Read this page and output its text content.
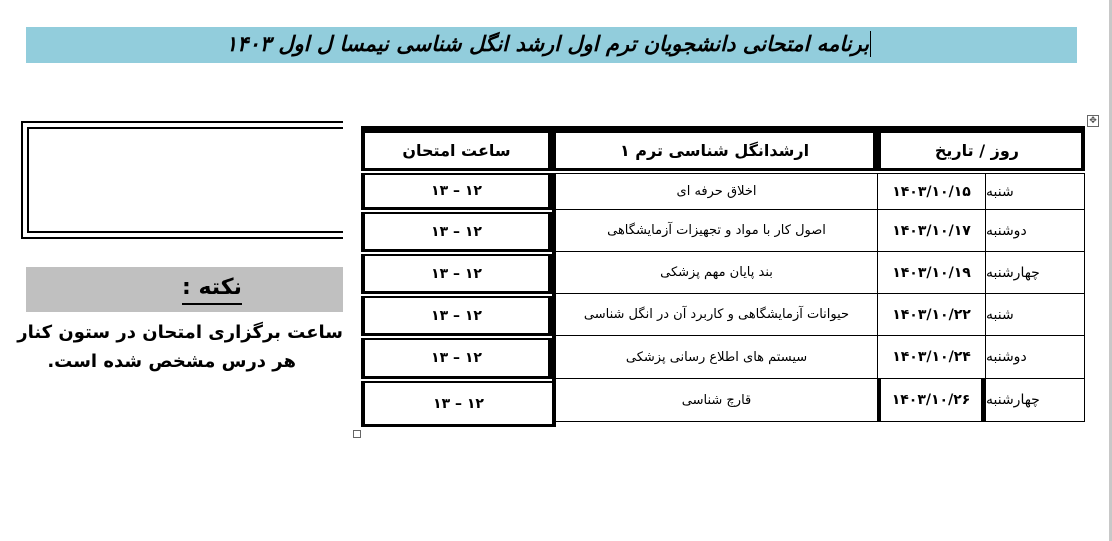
برنامه امتحانی دانشجویان ترم اول ارشد انگل شناسی نیمسا ل اول ۱۴۰۳
نکته :
ساعت برگزاری امتحان در ستون کنار
هر درس مشخص شده است.
✥
روز / تاریخ
ارشدانگل شناسی ترم ۱
ساعت امتحان
شنبه
۱۴۰۳/۱۰/۱۵
اخلاق حرفه ای
۱۳ – ۱۲
دوشنبه
۱۴۰۳/۱۰/۱۷
اصول کار با مواد و تجهیزات آزمایشگاهی
۱۳ – ۱۲
چهارشنبه
۱۴۰۳/۱۰/۱۹
بند پایان مهم پزشکی
۱۳ – ۱۲
شنبه
۱۴۰۳/۱۰/۲۲
حیوانات آزمایشگاهی و کاربرد آن در انگل شناسی
۱۳ – ۱۲
دوشنبه
۱۴۰۳/۱۰/۲۴
سیستم های اطلاع رسانی پزشکی
۱۳ – ۱۲
چهارشنبه
۱۴۰۳/۱۰/۲۶
قارچ شناسی
۱۳ – ۱۲
